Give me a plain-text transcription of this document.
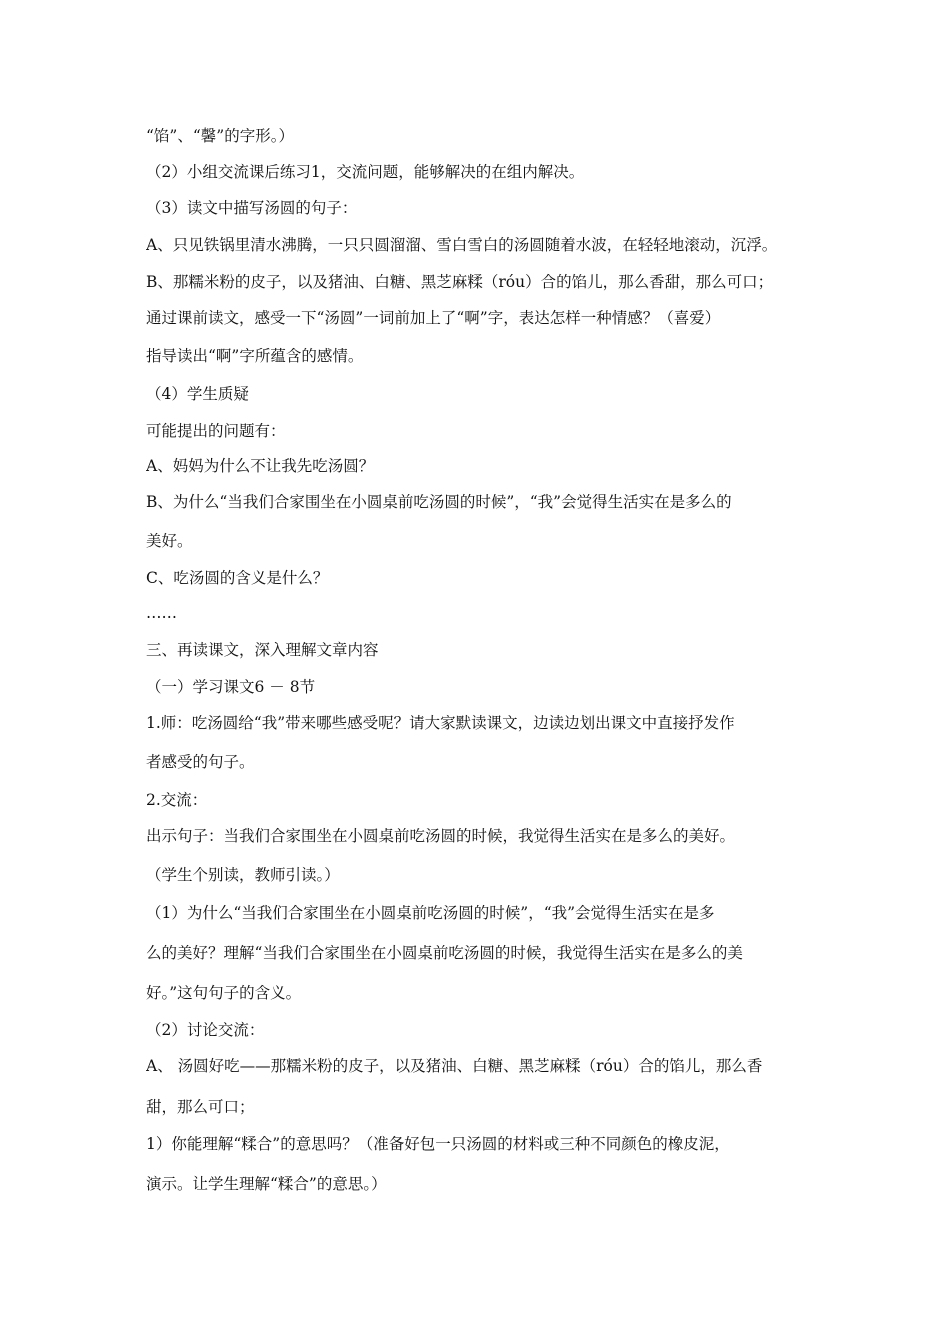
“馅”、“馨”的字形。）
（2）小组交流课后练习1，交流问题，能够解决的在组内解决。
（3）读文中描写汤圆的句子：
A、只见铁锅里清水沸腾，一只只圆溜溜、雪白雪白的汤圆随着水波，在轻轻地滚动，沉浮。
B、那糯米粉的皮子，以及猪油、白糖、黑芝麻糅（róu）合的馅儿，那么香甜，那么可口；
通过课前读文，感受一下“汤圆”一词前加上了“啊”字，表达怎样一种情感？（喜爱）
指导读出“啊”字所蕴含的感情。
（4）学生质疑
可能提出的问题有：
A、妈妈为什么不让我先吃汤圆？
B、为什么“当我们合家围坐在小圆桌前吃汤圆的时候”，“我”会觉得生活实在是多么的
美好。
C、吃汤圆的含义是什么？
……
三、再读课文，深入理解文章内容
（一）学习课文6 － 8节
1.师：吃汤圆给“我”带来哪些感受呢？请大家默读课文，边读边划出课文中直接抒发作
者感受的句子。
2.交流：
出示句子：当我们合家围坐在小圆桌前吃汤圆的时候，我觉得生活实在是多么的美好。
（学生个别读，教师引读。）
（1）为什么“当我们合家围坐在小圆桌前吃汤圆的时候”，“我”会觉得生活实在是多
么的美好？理解“当我们合家围坐在小圆桌前吃汤圆的时候，我觉得生活实在是多么的美
好。”这句句子的含义。
（2）讨论交流：
A、 汤圆好吃——那糯米粉的皮子，以及猪油、白糖、黑芝麻糅（róu）合的馅儿，那么香
甜，那么可口；
1）你能理解“糅合”的意思吗？（准备好包一只汤圆的材料或三种不同颜色的橡皮泥，
演示。让学生理解“糅合”的意思。）
